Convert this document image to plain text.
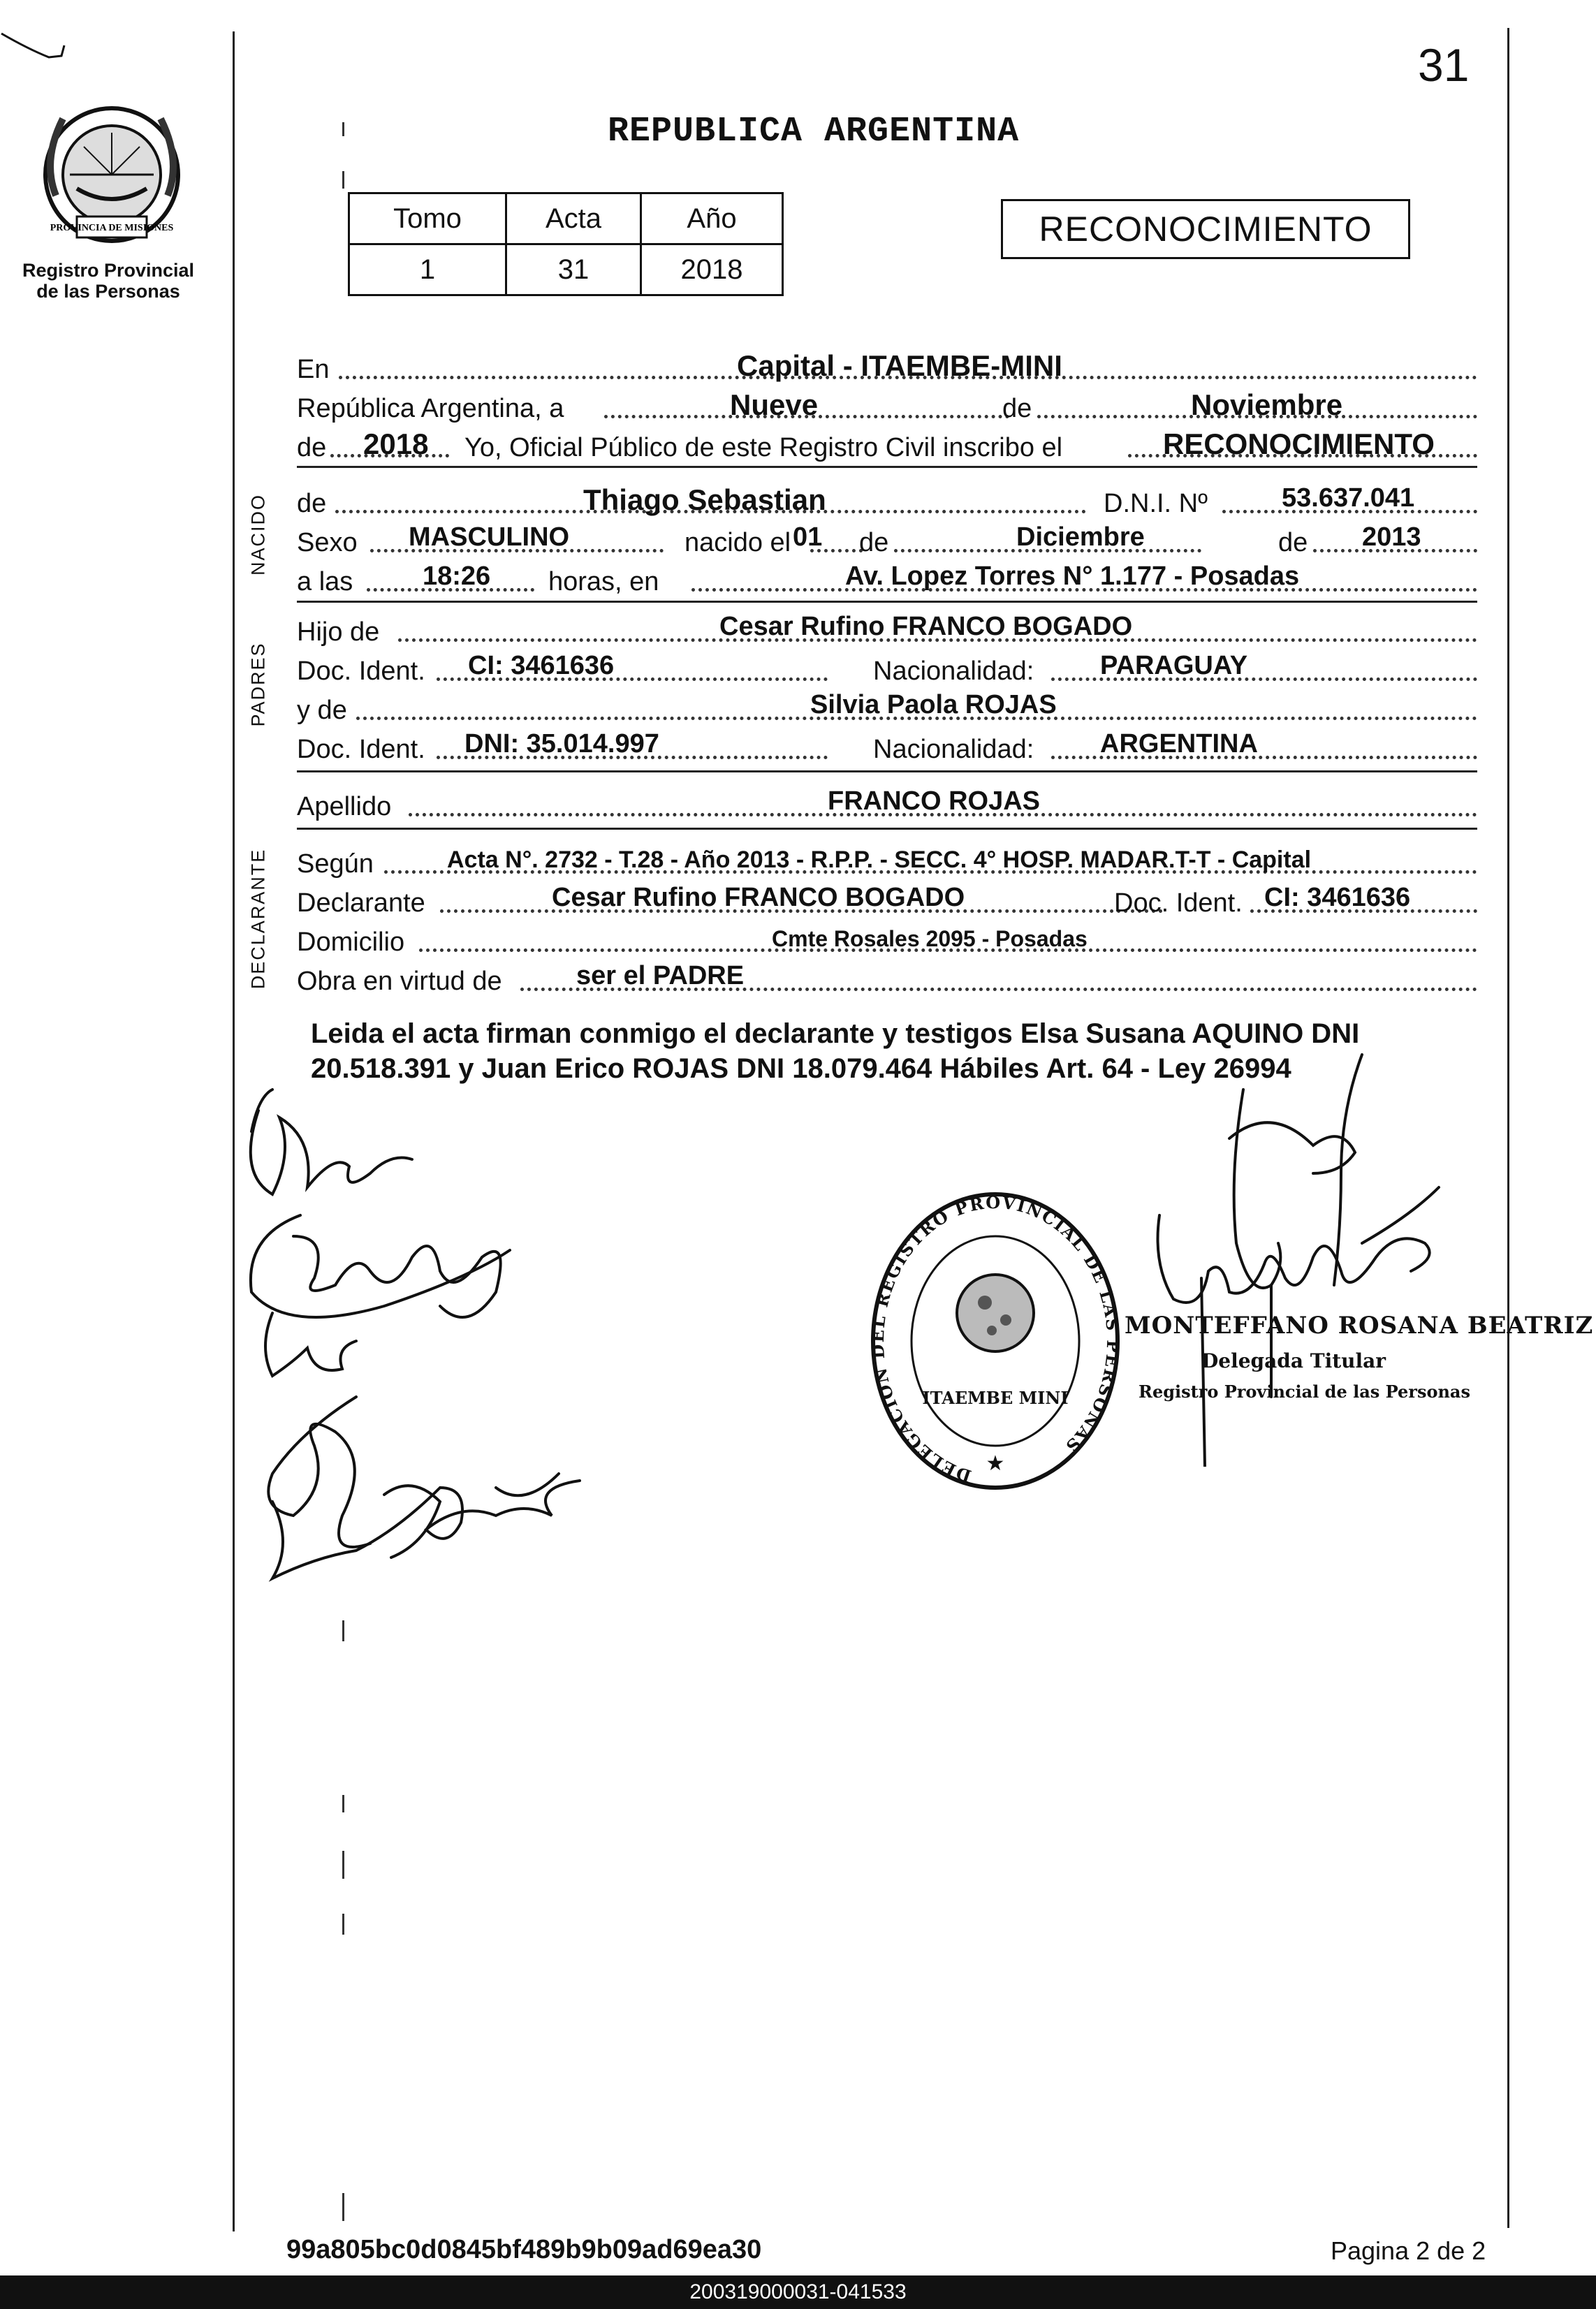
PROVINCIA DE MISIONES
Registro Provincial
de las Personas
31
REPUBLICA ARGENTINA
Tomo	Acta	Año
1	31	2018
RECONOCIMIENTO
En	Capital - ITAEMBE-MINI
República Argentina, a	Nueve	de	Noviembre
de 2018 Yo, Oficial Público de este Registro Civil inscribo el	RECONOCIMIENTO
NACIDO de	Thiago Sebastian	D.N.I. Nº	53.637.041
Sexo MASCULINO	nacido el 01 de	Diciembre	de 2013
a las	18:26 horas, en	Av. Lopez Torres N° 1.177 - Posadas
PADRES
Hijo de	Cesar Rufino FRANCO BOGADO
Doc. Ident. CI: 3461636	Nacionalidad: PARAGUAY
y de	Silvia Paola ROJAS
Doc. Ident. DNI: 35.014.997	Nacionalidad: ARGENTINA
Apellido	FRANCO ROJAS
DECLARANTE Según	Acta N°. 2732 - T.28 - Año 2013 - R.P.P. - SECC. 4° HOSP. MADAR.T-T - Capital
Declarante	Cesar Rufino FRANCO BOGADO	Doc. Ident. CI: 3461636
Domicilio	Cmte Rosales 2095 - Posadas
Obra en virtud de	ser el PADRE

Leida el acta firman conmigo el declarante y testigos Elsa Susana AQUINO DNI

20.518.391 y Juan Erico ROJAS DNI 18.079.464 Hábiles Art. 64 - Ley 26994

DELEGACION DEL REGISTRO PROVINCIAL DE LAS PERSONAS
ITAEMBE MINI
★
MONTEFFANO ROSANA BEATRIZ
Delegada Titular
Registro Provincial de las Personas
99a805bc0d0845bf489b9b09ad69ea30	Pagina 2 de 2
200319000031-041533
